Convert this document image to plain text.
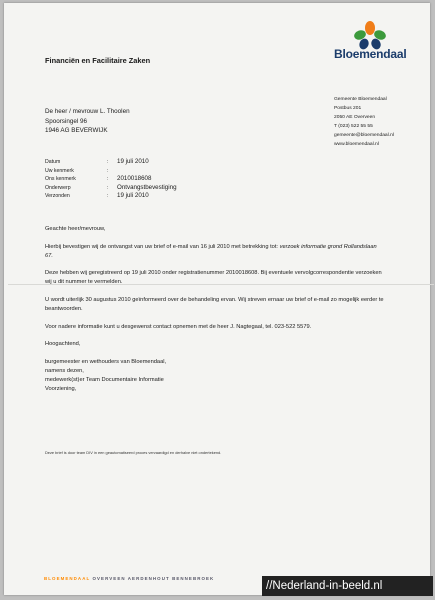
Financiën en Facilitaire Zaken	Bloemendaal
De heer / mevrouw L. Thoolen
Spoorsingel 96
1946 AG BEVERWIJK
Gemeente Bloemendaal
Postbus 201
2050 AE Overveen
T (023) 522 55 55
gemeente@bloemendaal.nl
www.bloemendaal.nl
Datum	:	19 juli 2010
Uw kenmerk	:
Ons kenmerk	:	2010018608
Onderwerp	:	Ontvangstbevestiging
Verzonden	:	19 juli 2010

Geachte heer/mevrouw,

Hierbij bevestigen wij de ontvangst van uw brief of e-mail van 16 juli 2010 met betrekking tot: verzoek informatie grond Rollandslaan 67.

Deze hebben wij geregistreerd op 19 juli 2010 onder registratienummer 2010018608. Bij eventuele vervolgcorrespondentie verzoeken wij u dit nummer te vermelden.

U wordt uiterlijk 30 augustus 2010 geïnformeerd over de behandeling ervan. Wij streven ernaar uw brief of e-mail zo mogelijk eerder te beantwoorden.

Voor nadere informatie kunt u desgewenst contact opnemen met de heer J. Nagtegaal, tel. 023-522 5579.

Hoogachtend,

burgemeester en wethouders van Bloemendaal,
namens dezen,
medewerk(st)er Team Documentaire Informatie
Voorziening,
Deze brief is door team DIV in een geautomatiseerd proces vervaardigd en derhalve niet ondertekend.
BLOEMENDAAL OVERVEEN AERDENHOUT BENNEBROEK
//Nederland-in-beeld.nl
